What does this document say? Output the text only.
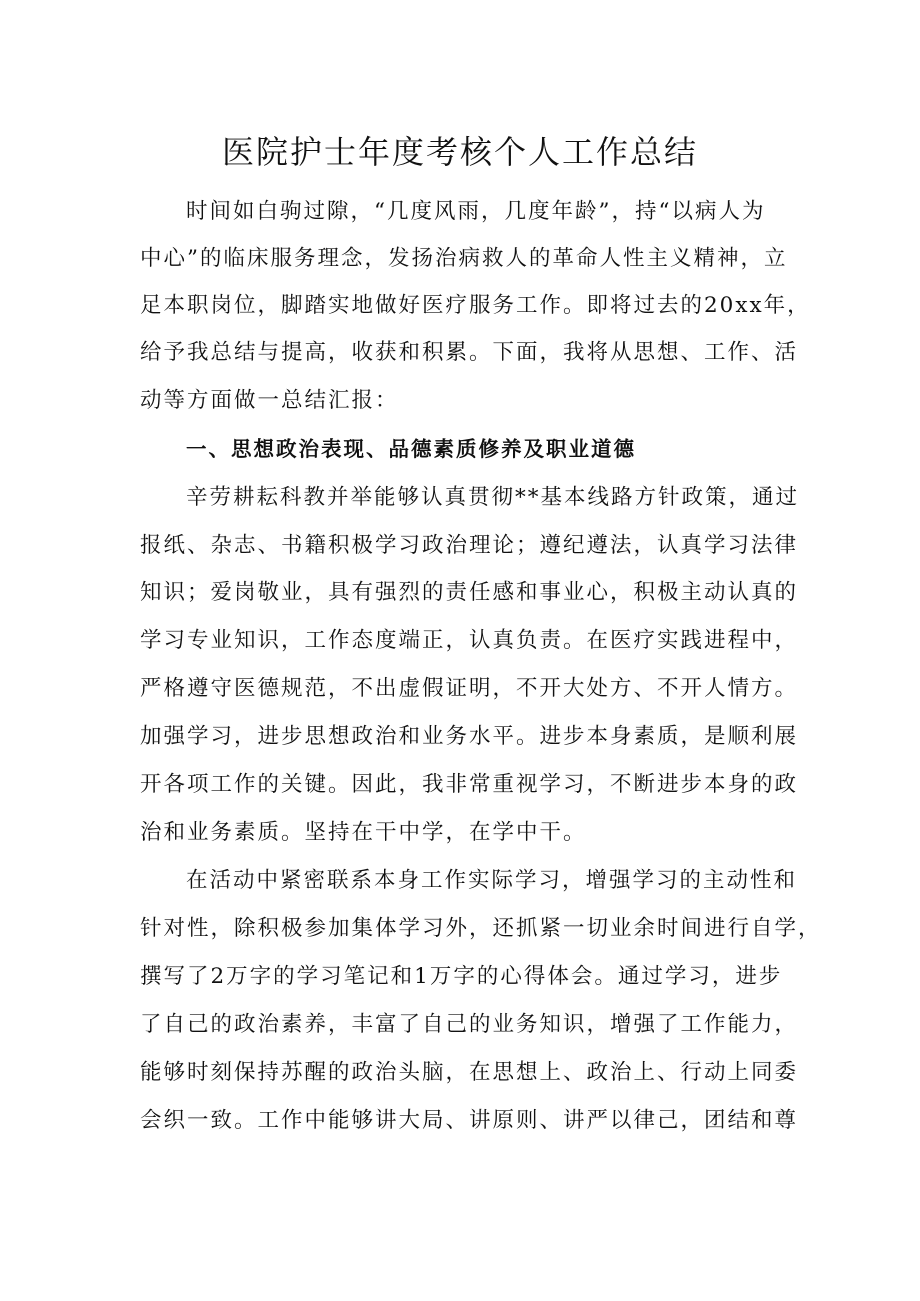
医院护士年度考核个人工作总结
时间如白驹过隙，“几度风雨，几度年龄”，持“以病人为
中心”的临床服务理念，发扬治病救人的革命人性主义精神，立
足本职岗位，脚踏实地做好医疗服务工作。即将过去的20xx年，
给予我总结与提高，收获和积累。下面，我将从思想、工作、活
动等方面做一总结汇报：
一、思想政治表现、品德素质修养及职业道德
辛劳耕耘科教并举能够认真贯彻**基本线路方针政策，通过
报纸、杂志、书籍积极学习政治理论；遵纪遵法，认真学习法律
知识；爱岗敬业，具有强烈的责任感和事业心，积极主动认真的
学习专业知识，工作态度端正，认真负责。在医疗实践进程中，
严格遵守医德规范，不出虚假证明，不开大处方、不开人情方。
加强学习，进步思想政治和业务水平。进步本身素质，是顺利展
开各项工作的关键。因此，我非常重视学习，不断进步本身的政
治和业务素质。坚持在干中学，在学中干。
在活动中紧密联系本身工作实际学习，增强学习的主动性和
针对性，除积极参加集体学习外，还抓紧一切业余时间进行自学，
撰写了2万字的学习笔记和1万字的心得体会。通过学习，进步
了自己的政治素养，丰富了自己的业务知识，增强了工作能力，
能够时刻保持苏醒的政治头脑，在思想上、政治上、行动上同委
会织一致。工作中能够讲大局、讲原则、讲严以律己，团结和尊
